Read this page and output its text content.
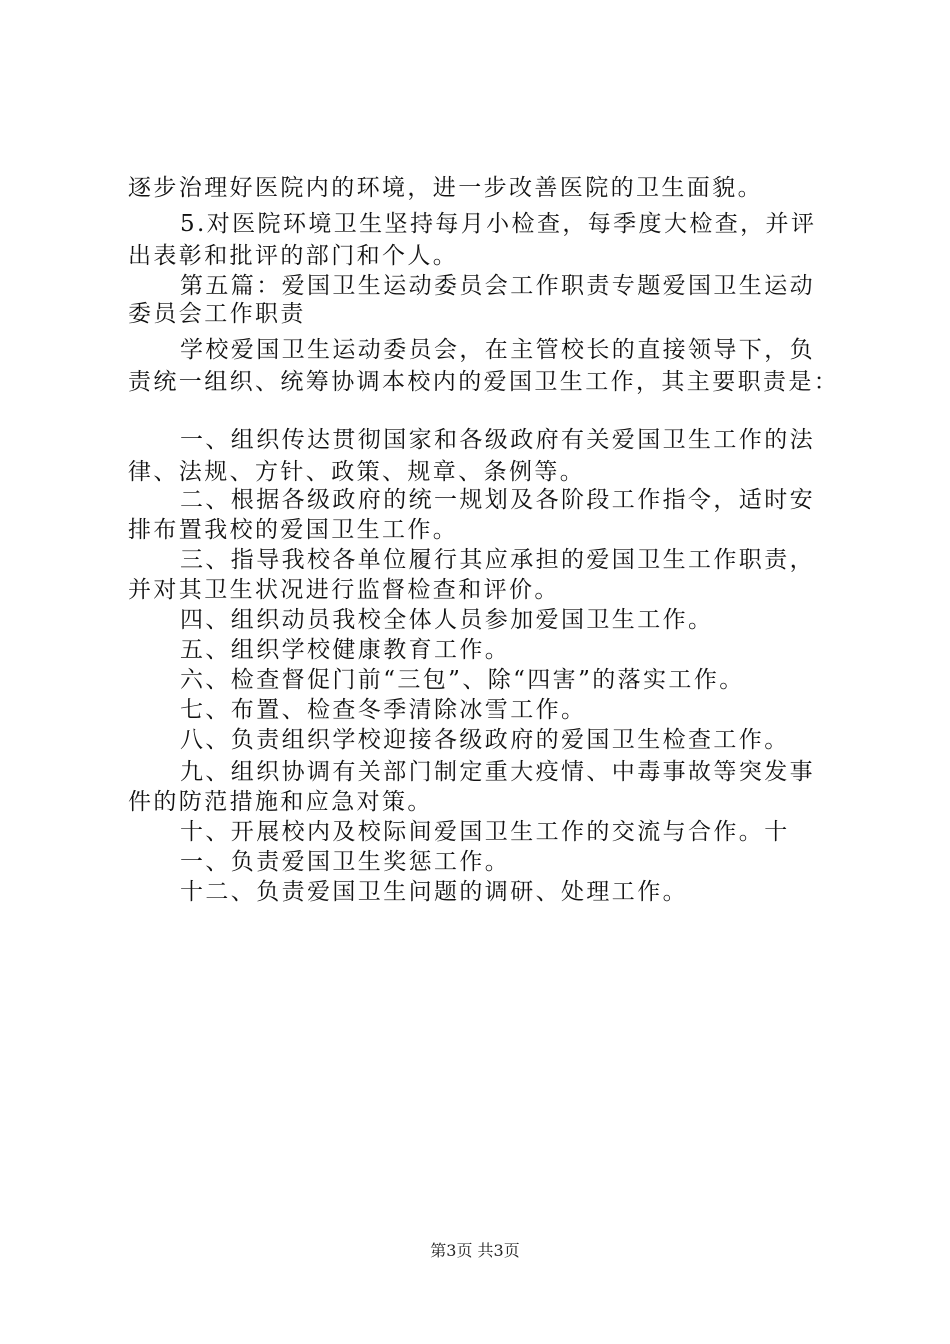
逐步治理好医院内的环境，进一步改善医院的卫生面貌。
5.对医院环境卫生坚持每月小检查，每季度大检查，并评
出表彰和批评的部门和个人。
第五篇：爱国卫生运动委员会工作职责专题爱国卫生运动
委员会工作职责
学校爱国卫生运动委员会，在主管校长的直接领导下，负
责统一组织、统筹协调本校内的爱国卫生工作，其主要职责是：
一、组织传达贯彻国家和各级政府有关爱国卫生工作的法
律、法规、方针、政策、规章、条例等。
二、根据各级政府的统一规划及各阶段工作指令，适时安
排布置我校的爱国卫生工作。
三、指导我校各单位履行其应承担的爱国卫生工作职责，
并对其卫生状况进行监督检查和评价。
四、组织动员我校全体人员参加爱国卫生工作。
五、组织学校健康教育工作。
六、检查督促门前“三包”、除“四害”的落实工作。
七、布置、检查冬季清除冰雪工作。
八、负责组织学校迎接各级政府的爱国卫生检查工作。
九、组织协调有关部门制定重大疫情、中毒事故等突发事
件的防范措施和应急对策。
十、开展校内及校际间爱国卫生工作的交流与合作。十
一、负责爱国卫生奖惩工作。
十二、负责爱国卫生问题的调研、处理工作。
第3页 共3页
